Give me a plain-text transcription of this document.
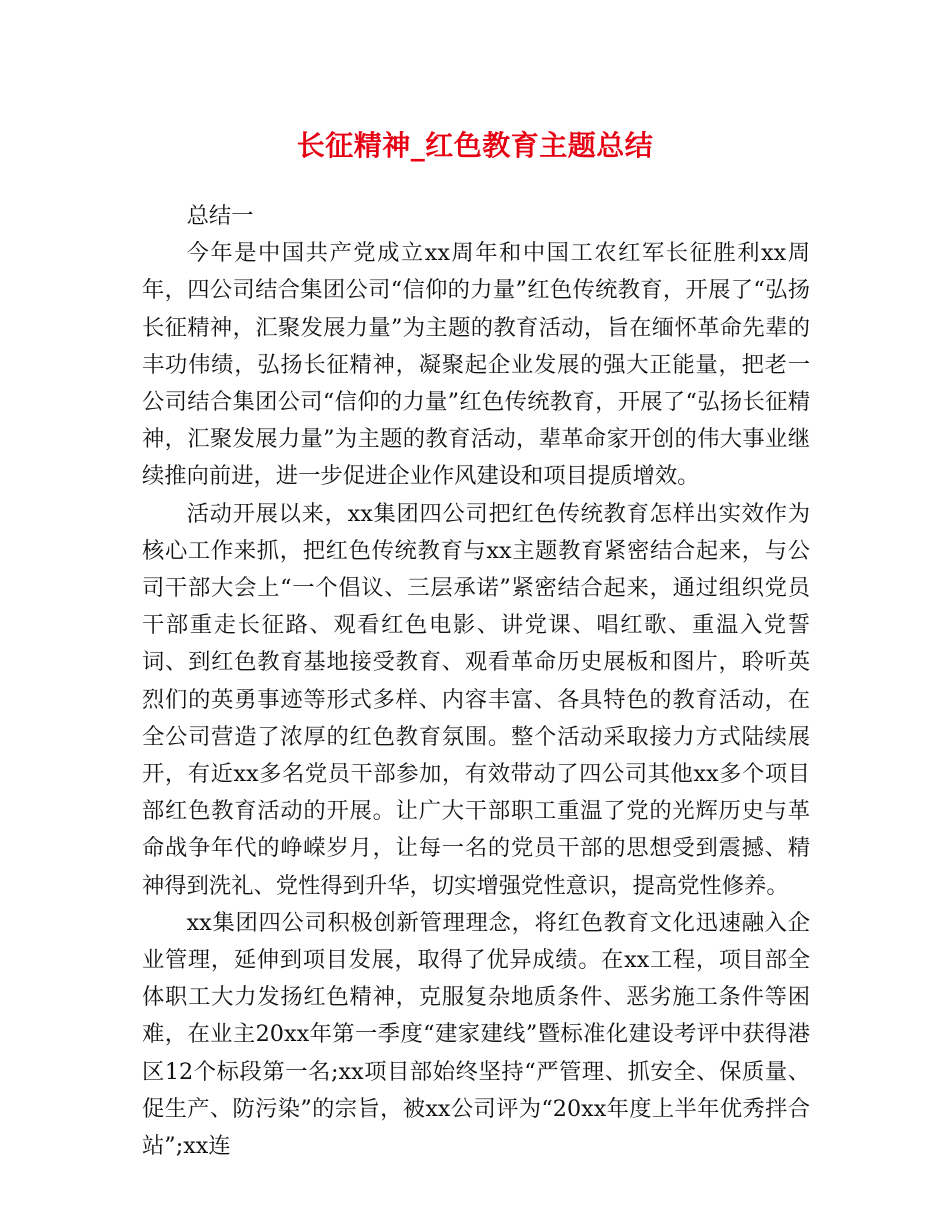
长征精神_红色教育主题总结

总结一

今年是中国共产党成立xx周年和中国工农红军长征胜利xx周年，四公司结合集团公司“信仰的力量”红色传统教育，开展了“弘扬长征精神，汇聚发展力量”为主题的教育活动，旨在缅怀革命先辈的丰功伟绩，弘扬长征精神，凝聚起企业发展的强大正能量，把老一公司结合集团公司“信仰的力量”红色传统教育，开展了“弘扬长征精神，汇聚发展力量”为主题的教育活动，辈革命家开创的伟大事业继续推向前进，进一步促进企业作风建设和项目提质增效。

活动开展以来，xx集团四公司把红色传统教育怎样出实效作为核心工作来抓，把红色传统教育与xx主题教育紧密结合起来，与公司干部大会上“一个倡议、三层承诺”紧密结合起来，通过组织党员干部重走长征路、观看红色电影、讲党课、唱红歌、重温入党誓词、到红色教育基地接受教育、观看革命历史展板和图片，聆听英烈们的英勇事迹等形式多样、内容丰富、各具特色的教育活动，在全公司营造了浓厚的红色教育氛围。整个活动采取接力方式陆续展开，有近xx多名党员干部参加，有效带动了四公司其他xx多个项目部红色教育活动的开展。让广大干部职工重温了党的光辉历史与革命战争年代的峥嵘岁月，让每一名的党员干部的思想受到震撼、精神得到洗礼、党性得到升华，切实增强党性意识，提高党性修养。

xx集团四公司积极创新管理理念，将红色教育文化迅速融入企业管理，延伸到项目发展，取得了优异成绩。在xx工程，项目部全体职工大力发扬红色精神，克服复杂地质条件、恶劣施工条件等困难，在业主20xx年第一季度“建家建线”暨标准化建设考评中获得港区12个标段第一名;xx项目部始终坚持“严管理、抓安全、保质量、促生产、防污染”的宗旨，被xx公司评为“20xx年度上半年优秀拌合站”;xx连
